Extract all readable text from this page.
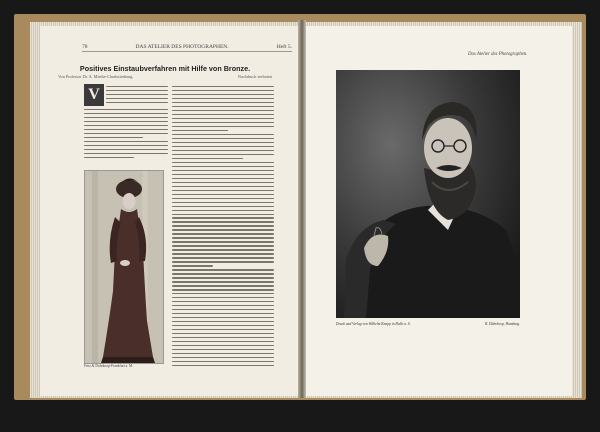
78	DAS ATELIER DES PHOTOGRAPHEN.	Heft 5.
Positives Einstaubverfahren mit Hilfe von Bronze.
Von Professor Dr. A. Miethe-Charlottenburg.	Nachdruck verboten
V
Fritz & Duhrkoop-Frankfurt a. M.
Das Atelier des Photographen.
Druck und Verlag von Wilhelm Knapp in Halle a. S.	R. Dührkoop, Hamburg.
